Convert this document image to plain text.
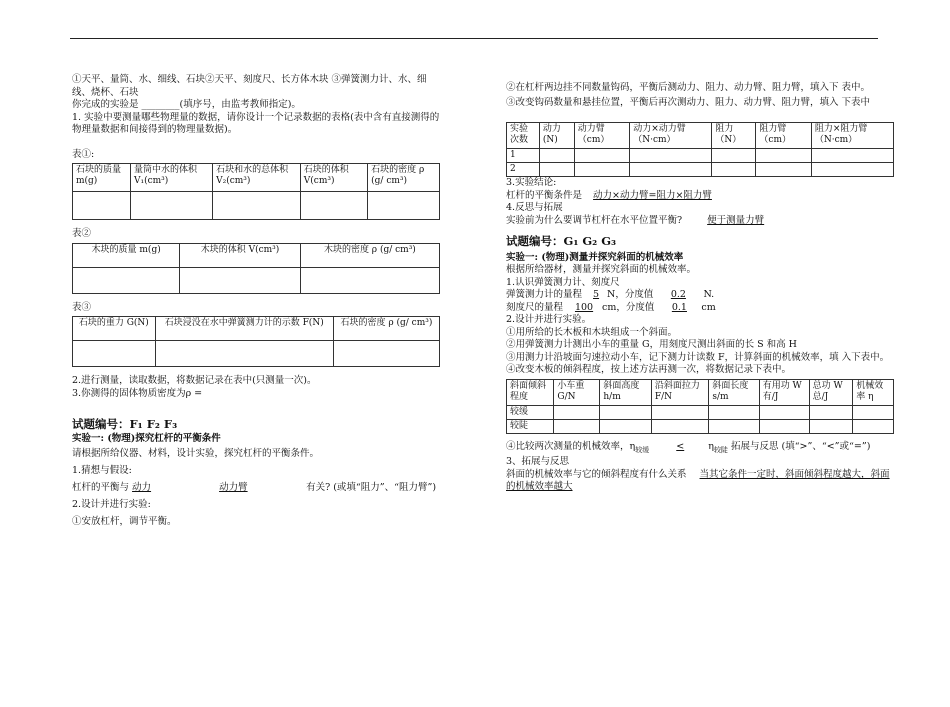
①天平、量筒、水、细线、石块②天平、刻度尺、长方体木块 ③弹簧测力计、水、细线、烧杯、石块

你完成的实验是 ________(填序号，由监考教师指定)。

1. 实验中要测量哪些物理量的数据，请你设计一个记录数据的表格(表中含有直接测得的物理量数据和间接得到的物理量数据)。

表①:

石块的质量 m(g)	量筒中水的体积 V₁(cm³)	石块和水的总体积 V₂(cm³)	石块的体积 V(cm³)	石块的密度 ρ (g/ cm³)

表②

木块的质量 m(g)	木块的体积 V(cm³)	木块的密度 ρ (g/ cm³)

表③

石块的重力 G(N)	石块浸没在水中弹簧测力计的示数 F(N)	石块的密度 ρ (g/ cm³)

2.进行测量，读取数据，将数据记录在表中(只测量一次)。

3.你测得的固体物质密度为ρ =

试题编号：F₁ F₂ F₃

实验一: (物理)探究杠杆的平衡条件

请根据所给仪器、材料，设计实验，探究杠杆的平衡条件。

1.猜想与假设:

杠杆的平衡与 动力	动力臂	有关? (或填“阻力”、“阻力臂”)

2.设计并进行实验:

①安放杠杆，调节平衡。

②在杠杆两边挂不同数量钩码，平衡后测动力、阻力、动力臂、阻力臂，填入下 表中。

③改变钩码数量和悬挂位置，平衡后再次测动力、阻力、动力臂、阻力臂，填入 下表中

实验次数	动力 (N)	动力臂（cm）	动力×动力臂（N·cm）	阻力（N）	阻力臂（cm）	阻力×阻力臂（N·cm）
1						
2						

3.实验结论:

杠杆的平衡条件是 动力×动力臂=阻力×阻力臂

4.反思与拓展

实验前为什么要调节杠杆在水平位置平衡?	便于测量力臂

试题编号：G₁ G₂ G₃

实验一: (物理)测量并探究斜面的机械效率

根据所给器材，测量并探究斜面的机械效率。

1.认识弹簧测力计、刻度尺

弹簧测力计的量程 5 N，分度值 0.2 N.

刻度尺的量程 100 cm，分度值 0.1 cm

2.设计并进行实验。

①用所给的长木板和木块组成一个斜面。

②用弹簧测力计测出小车的重量 G，用刻度尺测出斜面的长 S 和高 H

③用测力计沿坡面匀速拉动小车，记下测力计读数 F，计算斜面的机械效率，填 入下表中。

④改变木板的倾斜程度，按上述方法再测一次，将数据记录下表中。

斜面倾斜程度	小车重 G/N	斜面高度 h/m	沿斜面拉力 F/N	斜面长度 s/m	有用功 W有/J	总功 W总/J	机械效率 η
较缓							
较陡							

④比较两次测量的机械效率，$\eta_{较缓}$	<	$\eta_{较陡}$ 拓展与反思 (填“>”、“<”或“=”)

3、拓展与反思

斜面的机械效率与它的倾斜程度有什么关系 当其它条件一定时，斜面倾斜程度越大，斜面的机械效率越大
